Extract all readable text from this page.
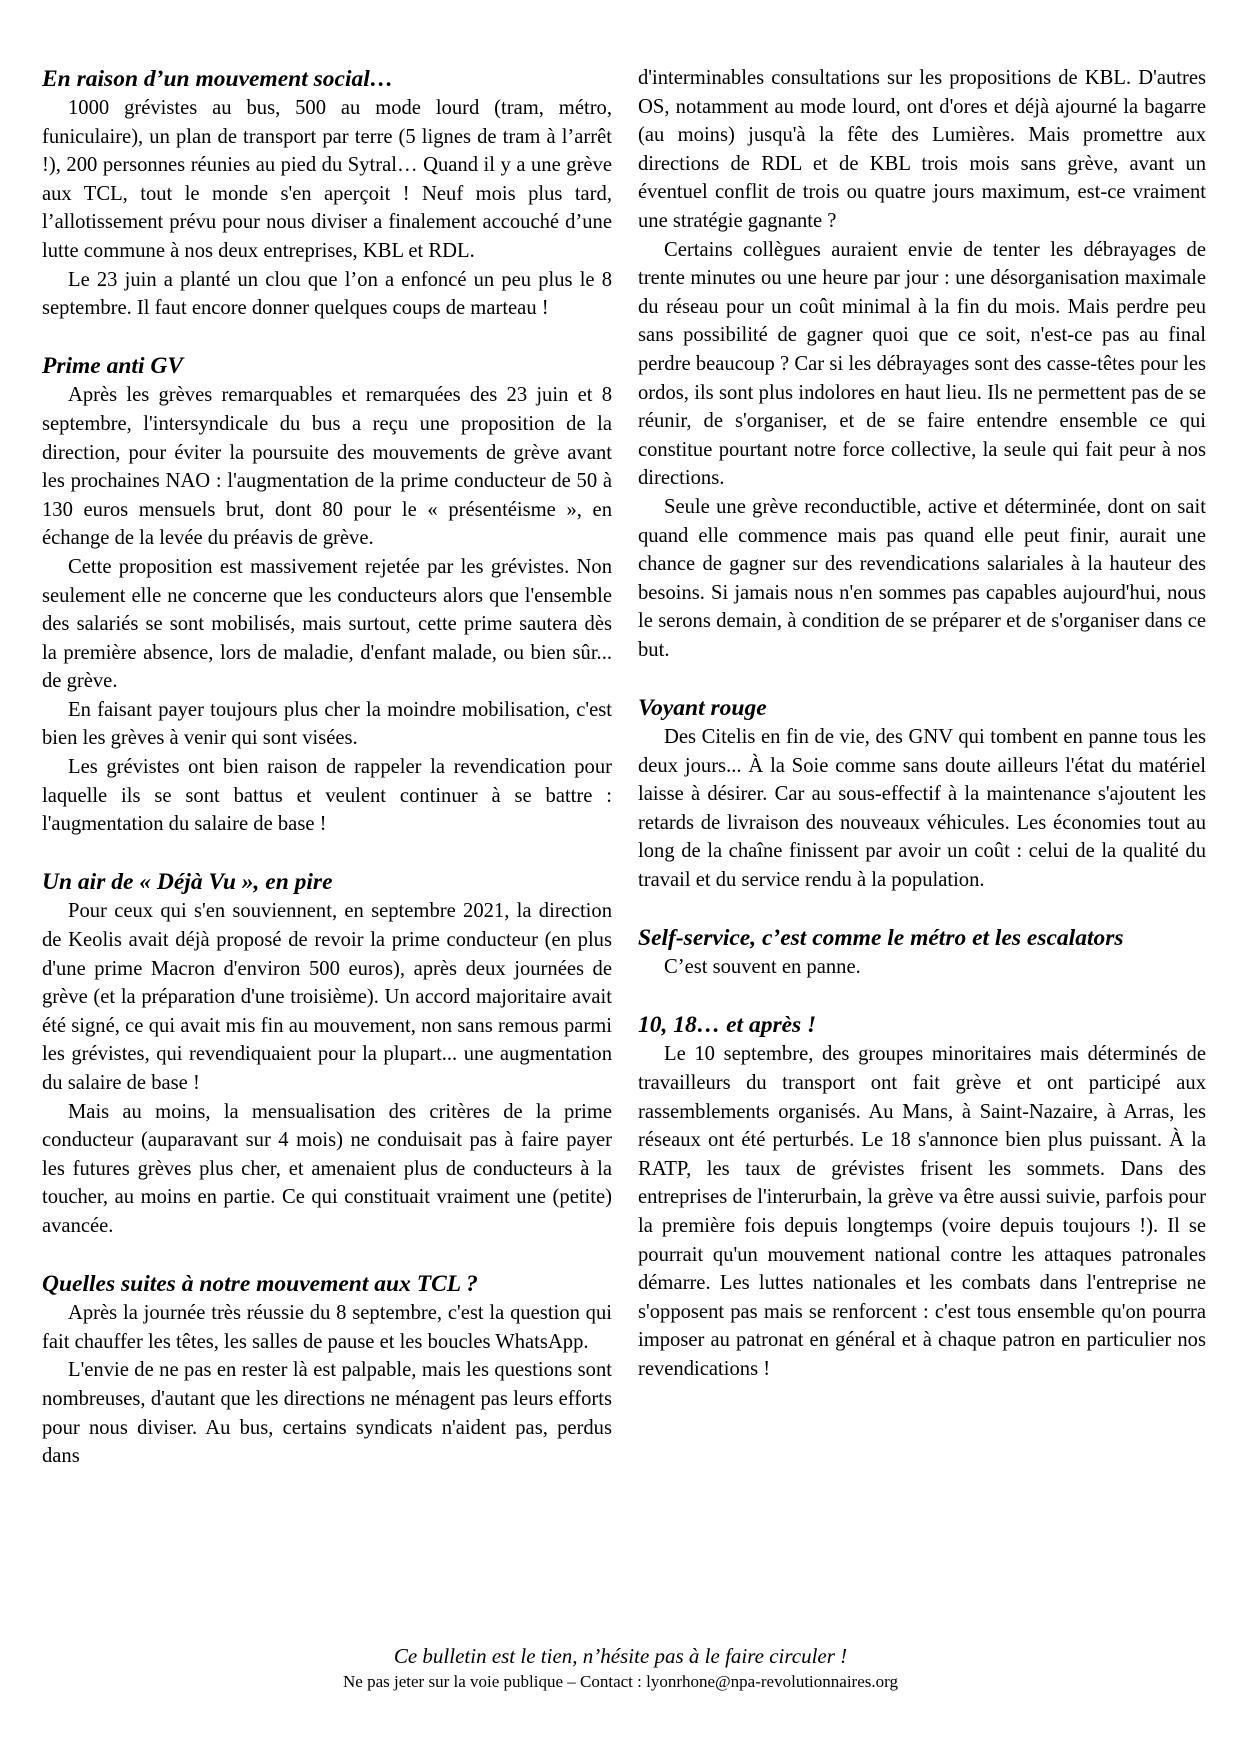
En raison d’un mouvement social…

1000 grévistes au bus, 500 au mode lourd (tram, métro, funiculaire), un plan de transport par terre (5 lignes de tram à l’arrêt !), 200 personnes réunies au pied du Sytral… Quand il y a une grève aux TCL, tout le monde s'en aperçoit ! Neuf mois plus tard, l’allotissement prévu pour nous diviser a finalement accouché d’une lutte commune à nos deux entreprises, KBL et RDL.

Le 23 juin a planté un clou que l’on a enfoncé un peu plus le 8 septembre. Il faut encore donner quelques coups de marteau !

Prime anti GV

Après les grèves remarquables et remarquées des 23 juin et 8 septembre, l'intersyndicale du bus a reçu une proposition de la direction, pour éviter la poursuite des mouvements de grève avant les prochaines NAO : l'augmentation de la prime conducteur de 50 à 130 euros mensuels brut, dont 80 pour le « présentéisme », en échange de la levée du préavis de grève.

Cette proposition est massivement rejetée par les grévistes. Non seulement elle ne concerne que les conducteurs alors que l'ensemble des salariés se sont mobilisés, mais surtout, cette prime sautera dès la première absence, lors de maladie, d'enfant malade, ou bien sûr... de grève.

En faisant payer toujours plus cher la moindre mobilisation, c'est bien les grèves à venir qui sont visées.

Les grévistes ont bien raison de rappeler la revendication pour laquelle ils se sont battus et veulent continuer à se battre : l'augmentation du salaire de base !

Un air de « Déjà Vu », en pire

Pour ceux qui s'en souviennent, en septembre 2021, la direction de Keolis avait déjà proposé de revoir la prime conducteur (en plus d'une prime Macron d'environ 500 euros), après deux journées de grève (et la préparation d'une troisième). Un accord majoritaire avait été signé, ce qui avait mis fin au mouvement, non sans remous parmi les grévistes, qui revendiquaient pour la plupart... une augmentation du salaire de base !

Mais au moins, la mensualisation des critères de la prime conducteur (auparavant sur 4 mois) ne conduisait pas à faire payer les futures grèves plus cher, et amenaient plus de conducteurs à la toucher, au moins en partie. Ce qui constituait vraiment une (petite) avancée.

Quelles suites à notre mouvement aux TCL ?

Après la journée très réussie du 8 septembre, c'est la question qui fait chauffer les têtes, les salles de pause et les boucles WhatsApp.

L'envie de ne pas en rester là est palpable, mais les questions sont nombreuses, d'autant que les directions ne ménagent pas leurs efforts pour nous diviser. Au bus, certains syndicats n'aident pas, perdus dans

d'interminables consultations sur les propositions de KBL. D'autres OS, notamment au mode lourd, ont d'ores et déjà ajourné la bagarre (au moins) jusqu'à la fête des Lumières. Mais promettre aux directions de RDL et de KBL trois mois sans grève, avant un éventuel conflit de trois ou quatre jours maximum, est-ce vraiment une stratégie gagnante ?

Certains collègues auraient envie de tenter les débrayages de trente minutes ou une heure par jour : une désorganisation maximale du réseau pour un coût minimal à la fin du mois. Mais perdre peu sans possibilité de gagner quoi que ce soit, n'est-ce pas au final perdre beaucoup ? Car si les débrayages sont des casse-têtes pour les ordos, ils sont plus indolores en haut lieu. Ils ne permettent pas de se réunir, de s'organiser, et de se faire entendre ensemble ce qui constitue pourtant notre force collective, la seule qui fait peur à nos directions.

Seule une grève reconductible, active et déterminée, dont on sait quand elle commence mais pas quand elle peut finir, aurait une chance de gagner sur des revendications salariales à la hauteur des besoins. Si jamais nous n'en sommes pas capables aujourd'hui, nous le serons demain, à condition de se préparer et de s'organiser dans ce but.

Voyant rouge

Des Citelis en fin de vie, des GNV qui tombent en panne tous les deux jours... À la Soie comme sans doute ailleurs l'état du matériel laisse à désirer. Car au sous-effectif à la maintenance s'ajoutent les retards de livraison des nouveaux véhicules. Les économies tout au long de la chaîne finissent par avoir un coût : celui de la qualité du travail et du service rendu à la population.

Self-service, c’est comme le métro et les escalators

C’est souvent en panne.

10, 18… et après !

Le 10 septembre, des groupes minoritaires mais déterminés de travailleurs du transport ont fait grève et ont participé aux rassemblements organisés. Au Mans, à Saint-Nazaire, à Arras, les réseaux ont été perturbés. Le 18 s'annonce bien plus puissant. À la RATP, les taux de grévistes frisent les sommets. Dans des entreprises de l'interurbain, la grève va être aussi suivie, parfois pour la première fois depuis longtemps (voire depuis toujours !). Il se pourrait qu'un mouvement national contre les attaques patronales démarre. Les luttes nationales et les combats dans l'entreprise ne s'opposent pas mais se renforcent : c'est tous ensemble qu'on pourra imposer au patronat en général et à chaque patron en particulier nos revendications !

Ce bulletin est le tien, n’hésite pas à le faire circuler !
Ne pas jeter sur la voie publique – Contact : lyonrhone@npa-revolutionnaires.org
